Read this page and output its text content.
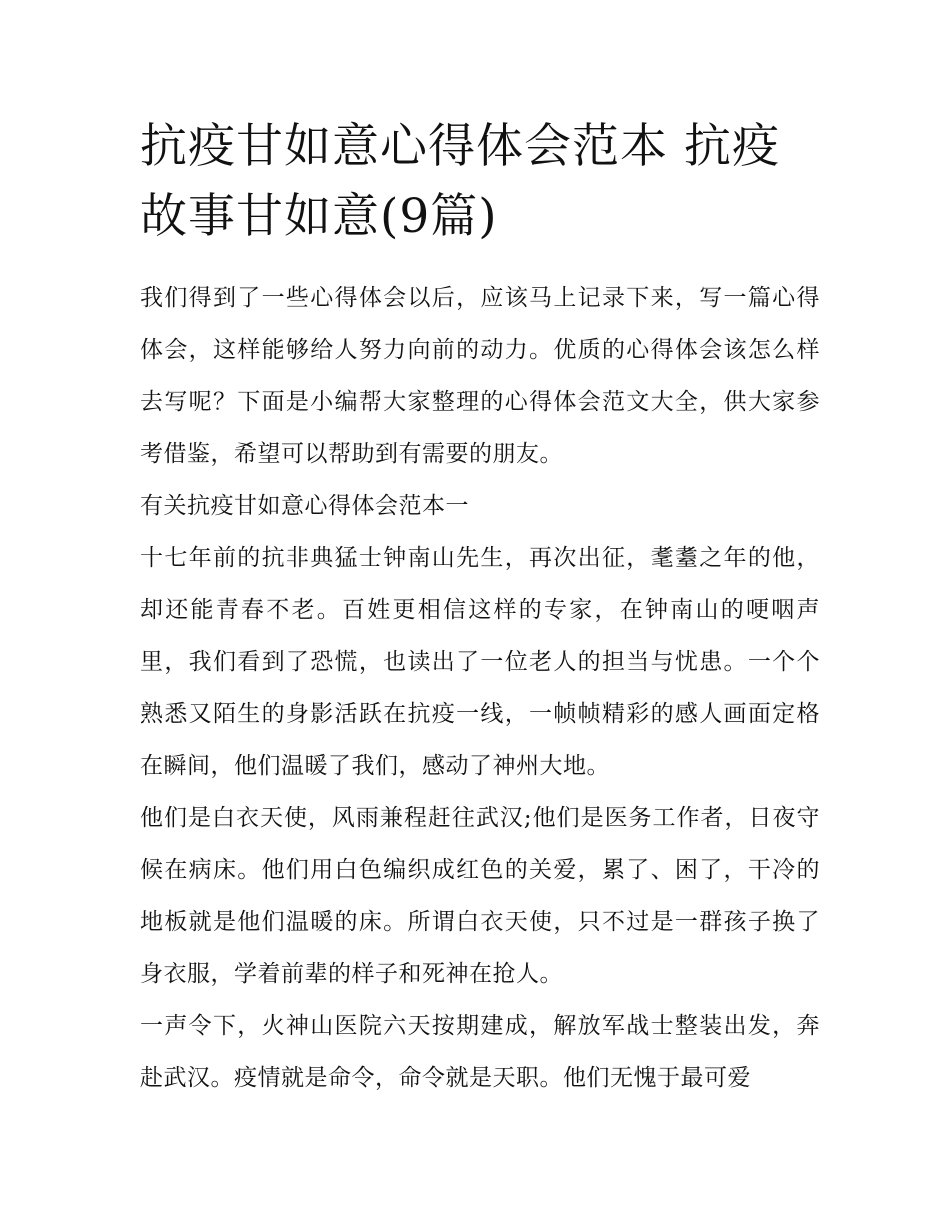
抗疫甘如意心得体会范本 抗疫故事甘如意(9篇)

我们得到了一些心得体会以后，应该马上记录下来，写一篇心得体会，这样能够给人努力向前的动力。优质的心得体会该怎么样去写呢？下面是小编帮大家整理的心得体会范文大全，供大家参考借鉴，希望可以帮助到有需要的朋友。

有关抗疫甘如意心得体会范本一

十七年前的抗非典猛士钟南山先生，再次出征，耄耋之年的他，却还能青春不老。百姓更相信这样的专家，在钟南山的哽咽声里，我们看到了恐慌，也读出了一位老人的担当与忧患。一个个熟悉又陌生的身影活跃在抗疫一线，一帧帧精彩的感人画面定格在瞬间，他们温暖了我们，感动了神州大地。

他们是白衣天使，风雨兼程赶往武汉;他们是医务工作者，日夜守候在病床。他们用白色编织成红色的关爱，累了、困了，干冷的地板就是他们温暖的床。所谓白衣天使，只不过是一群孩子换了身衣服，学着前辈的样子和死神在抢人。

一声令下，火神山医院六天按期建成，解放军战士整装出发，奔赴武汉。疫情就是命令，命令就是天职。他们无愧于最可爱
